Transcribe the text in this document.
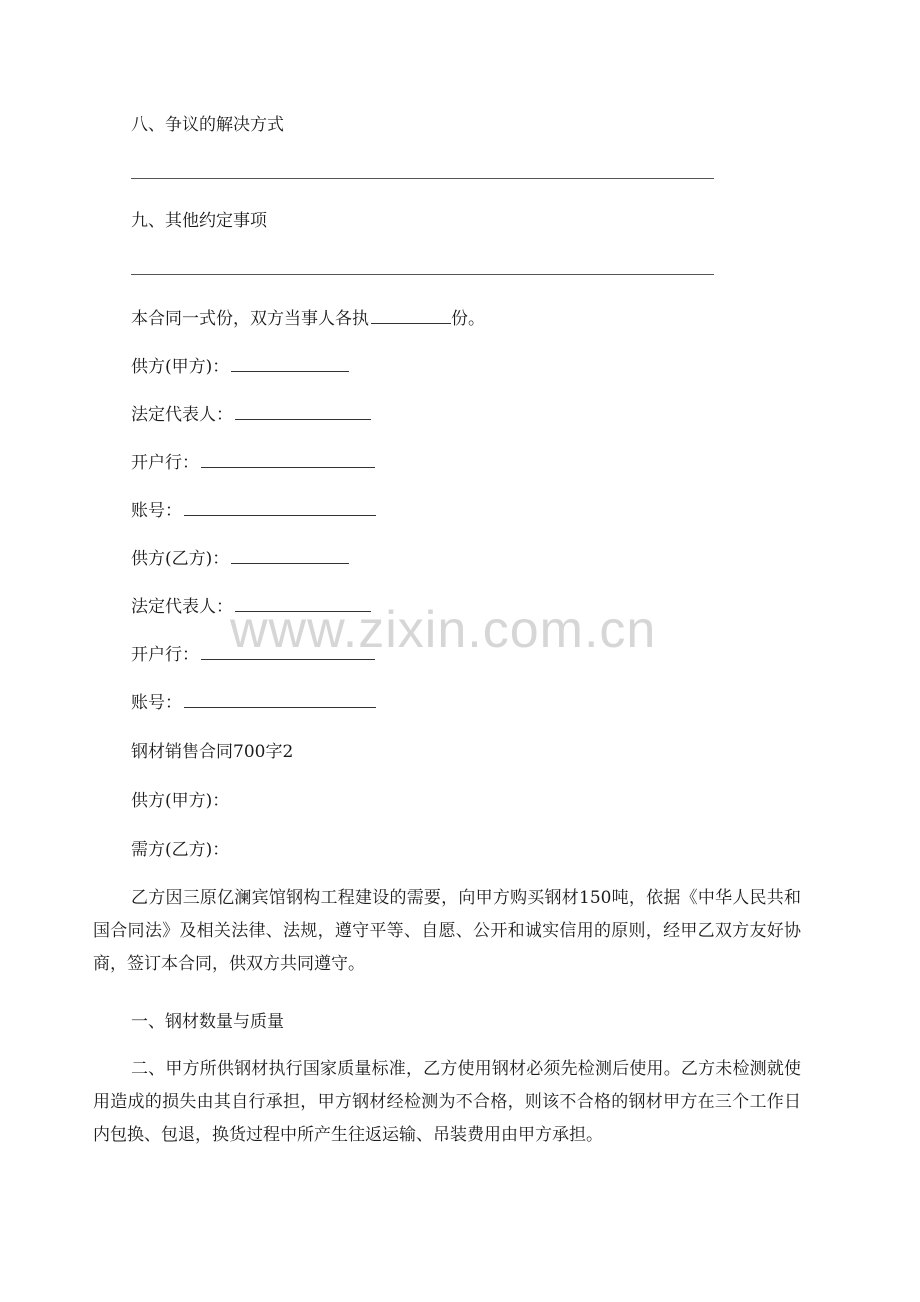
八、争议的解决方式
九、其他约定事项
本合同一式份，双方当事人各执	份。
供方(甲方)：
法定代表人：
开户行：
账号：
供方(乙方)：
法定代表人：
开户行：
账号：
钢材销售合同700字2
供方(甲方)：
需方(乙方)：
乙方因三原亿澜宾馆钢构工程建设的需要，向甲方购买钢材150吨，依据《中华人民共和国合同法》及相关法律、法规，遵守平等、自愿、公开和诚实信用的原则，经甲乙双方友好协商，签订本合同，供双方共同遵守。
一、钢材数量与质量
二、甲方所供钢材执行国家质量标准，乙方使用钢材必须先检测后使用。乙方未检测就使用造成的损失由其自行承担，甲方钢材经检测为不合格，则该不合格的钢材甲方在三个工作日内包换、包退，换货过程中所产生往返运输、吊装费用由甲方承担。
www.zixin.com.cn
